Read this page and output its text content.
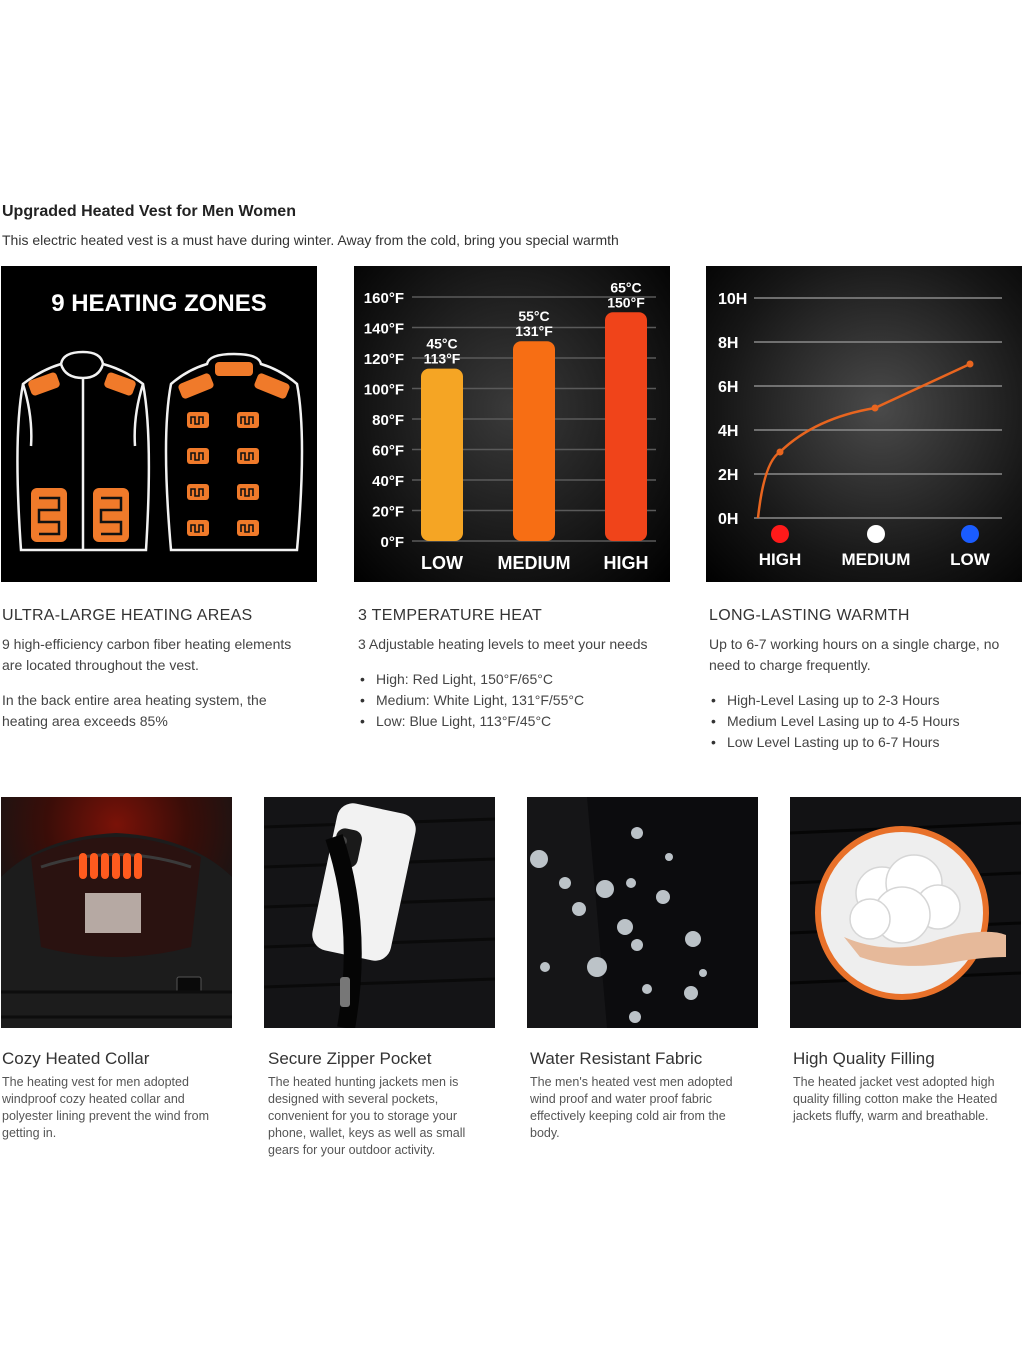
Upgraded Heated Vest for Men Women
This electric heated vest is a must have during winter. Away from the cold, bring you special warmth
9 HEATING ZONES
0°F
20°F
40°F
60°F
80°F
100°F
120°F
140°F
160°F
45°C
113°F
LOW
55°C
131°F
MEDIUM
65°C
150°F
HIGH
0H
2H
4H
6H
8H
10H
HIGH MEDIUM LOW
ULTRA-LARGE HEATING AREAS
9 high-efficiency carbon fiber heating elements are located throughout the vest.
In the back entire area heating system, the heating area exceeds 85%
3 TEMPERATURE HEAT
3 Adjustable heating levels to meet your needs
• High: Red Light, 150°F/65°C
• Medium: White Light, 131°F/55°C
• Low: Blue Light, 113°F/45°C
LONG-LASTING WARMTH
Up to 6-7 working hours on a single charge, no need to charge frequently.
• High-Level Lasing up to 2-3 Hours
• Medium Level Lasing up to 4-5 Hours
• Low Level Lasting up to 6-7 Hours
Cozy Heated Collar
The heating vest for men adopted windproof cozy heated collar and polyester lining prevent the wind from getting in.
Secure Zipper Pocket
The heated hunting jackets men is designed with several pockets, convenient for you to storage your phone, wallet, keys as well as small gears for your outdoor activity.
Water Resistant Fabric
The men's heated vest men adopted wind proof and water proof fabric effectively keeping cold air from the body.
High Quality Filling
The heated jacket vest adopted high quality filling cotton make the Heated jackets fluffy, warm and breathable.
